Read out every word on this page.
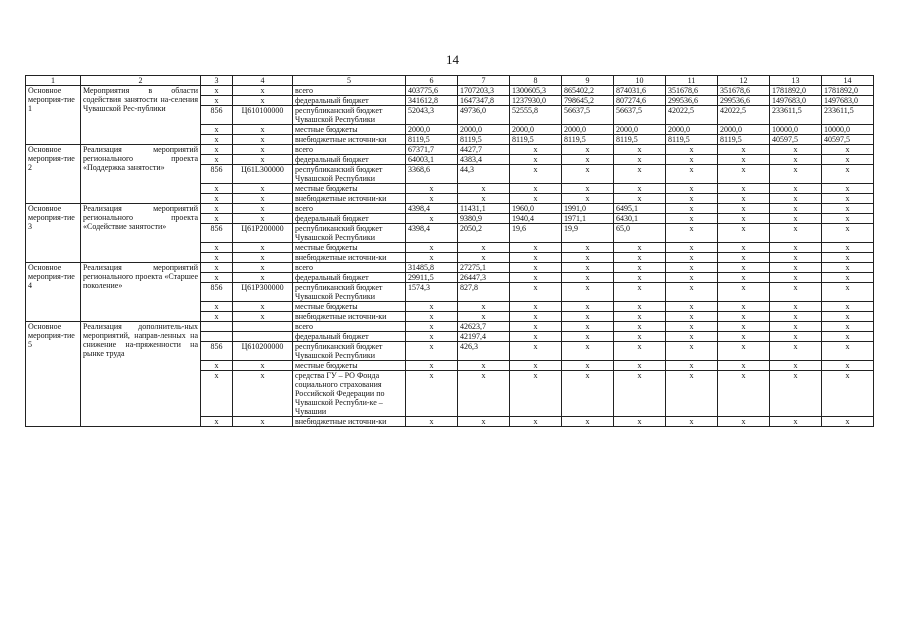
14
1	2	3	4	5	6	7	8	9	10	11	12	13	14
Основное мероприя-тие 1	Мероприятия в области содействия занятости на-селения Чувашской Рес-публики	х	х	всего	403775,6	1707203,3	1300605,3	865402,2	874031,6	351678,6	351678,6	1781892,0	1781892,0
		х	х	федеральный бюджет	341612,8	1647347,8	1237930,0	798645,2	807274,6	299536,6	299536,6	1497683,0	1497683,0
		856	Ц610100000	республиканский бюджет Чувашской Республики	52043,3	49736,0	52555,8	56637,5	56637,5	42022,5	42022,5	233611,5	233611,5
		х	х	местные бюджеты	2000,0	2000,0	2000,0	2000,0	2000,0	2000,0	2000,0	10000,0	10000,0
		х	х	внебюджетные источни-ки	8119,5	8119,5	8119,5	8119,5	8119,5	8119,5	8119,5	40597,5	40597,5
Основное мероприя-тие 2	Реализация мероприятий регионального проекта «Поддержка занятости»	х	х	всего	67371,7	4427,7	х	х	х	х	х	х	х
		х	х	федеральный бюджет	64003,1	4383,4	х	х	х	х	х	х	х
		856	Ц61L300000	республиканский бюджет Чувашской Республики	3368,6	44,3	х	х	х	х	х	х	х
		х	х	местные бюджеты	х	х	х	х	х	х	х	х	х
		х	х	внебюджетные источни-ки	х	х	х	х	х	х	х	х	х
Основное мероприя-тие 3	Реализация мероприятий регионального проекта «Содействие занятости»	х	х	всего	4398,4	11431,1	1960,0	1991,0	6495,1	х	х	х	х
		х	х	федеральный бюджет	х	9380,9	1940,4	1971,1	6430,1	х	х	х	х
		856	Ц61Р200000	республиканский бюджет Чувашской Республики	4398,4	2050,2	19,6	19,9	65,0	х	х	х	х
		х	х	местные бюджеты	х	х	х	х	х	х	х	х	х
		х	х	внебюджетные источни-ки	х	х	х	х	х	х	х	х	х
Основное мероприя-тие 4	Реализация мероприятий регионального проекта «Старшее поколение»	х	х	всего	31485,8	27275,1	х	х	х	х	х	х	х
		х	х	федеральный бюджет	29911,5	26447,3	х	х	х	х	х	х	х
		856	Ц61Р300000	республиканский бюджет Чувашской Республики	1574,3	827,8	х	х	х	х	х	х	х
		х	х	местные бюджеты	х	х	х	х	х	х	х	х	х
		х	х	внебюджетные источни-ки	х	х	х	х	х	х	х	х	х
Основное мероприя-тие 5	Реализация дополнитель-ных мероприятий, направ-ленных на снижение на-пряженности на рынке труда			всего	х	42623,7	х	х	х	х	х	х	х
				федеральный бюджет	х	42197,4	х	х	х	х	х	х	х
		856	Ц610200000	республиканский бюджет Чувашской Республики	х	426,3	х	х	х	х	х	х	х
		х	х	местные бюджеты	х	х	х	х	х	х	х	х	х
		х	х	средства ГУ – РО Фонда социального страхования Российской Федерации по Чувашской Республи-ке – Чувашии	х	х	х	х	х	х	х	х	х
		х	х	внебюджетные источни-ки	х	х	х	х	х	х	х	х	х
